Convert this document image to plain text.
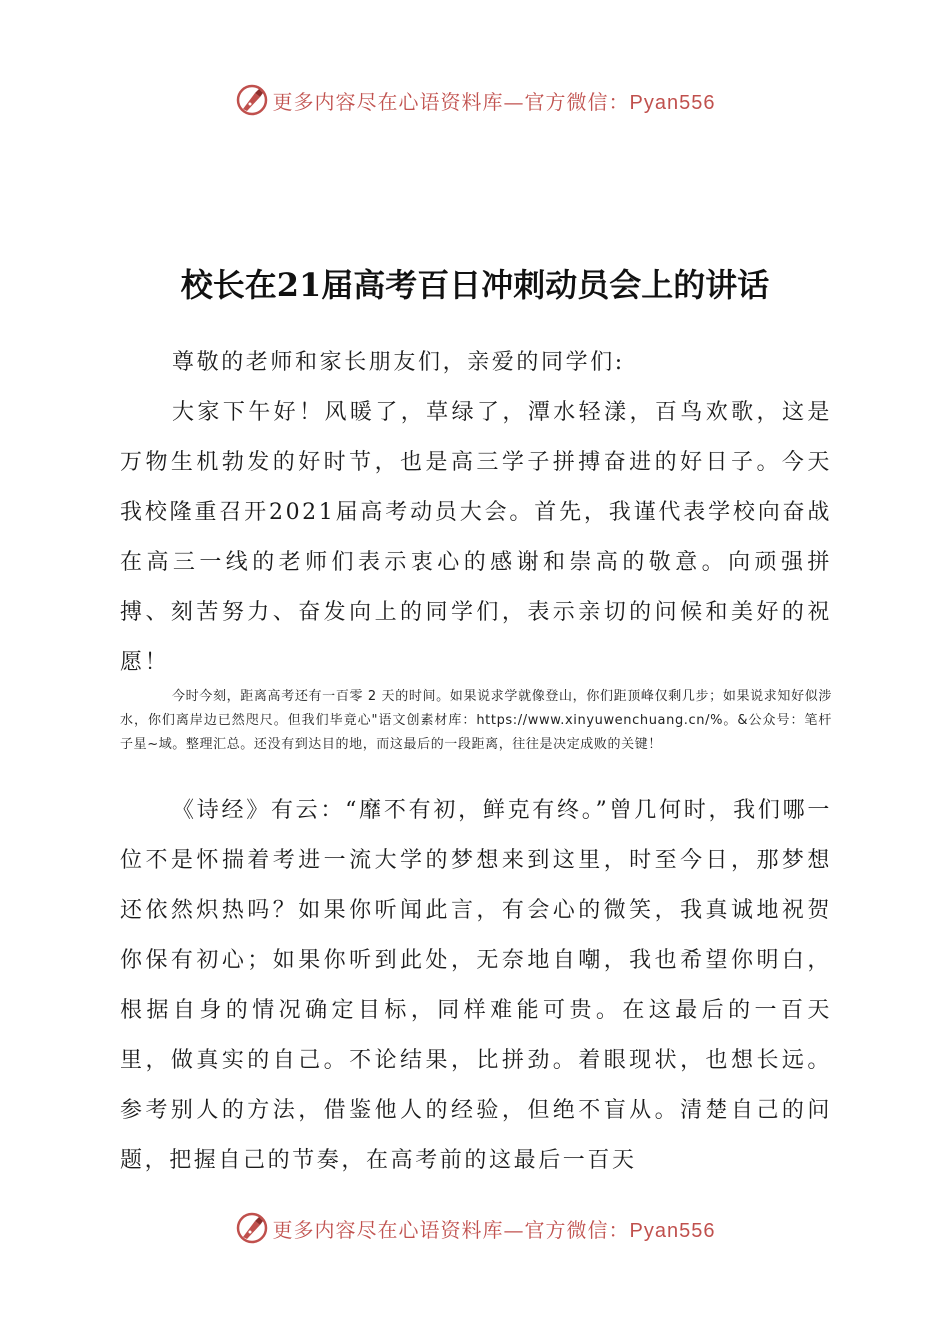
更多内容尽在心语资料库—官方微信：Pyan556
校长在21届高考百日冲刺动员会上的讲话

尊敬的老师和家长朋友们，亲爱的同学们:

大家下午好！风暖了，草绿了，潭水轻漾，百鸟欢歌，这是万物生机勃发的好时节，也是高三学子拼搏奋进的好日子。今天我校隆重召开2021届高考动员大会。首先，我谨代表学校向奋战在高三一线的老师们表示衷心的感谢和崇高的敬意。向顽强拼搏、刻苦努力、奋发向上的同学们，表示亲切的问候和美好的祝愿！

今时今刻，距离高考还有一百零 2 天的时间。如果说求学就像登山，你们距顶峰仅剩几步；如果说求知好似涉水，你们离岸边已然咫尺。但我们毕竟心"语文创素材库：https://www.xinyuwenchuang.cn/%。&公众号：笔杆子星~域。整理汇总。还没有到达目的地，而这最后的一段距离，往往是决定成败的关键！

《诗经》有云：“靡不有初，鲜克有终。”曾几何时，我们哪一位不是怀揣着考进一流大学的梦想来到这里，时至今日，那梦想还依然炽热吗？如果你听闻此言，有会心的微笑，我真诚地祝贺你保有初心；如果你听到此处，无奈地自嘲，我也希望你明白，根据自身的情况确定目标，同样难能可贵。在这最后的一百天里，做真实的自己。不论结果，比拼劲。着眼现状，也想长远。参考别人的方法，借鉴他人的经验，但绝不盲从。清楚自己的问题，把握自己的节奏，在高考前的这最后一百天

更多内容尽在心语资料库—官方微信：Pyan556
